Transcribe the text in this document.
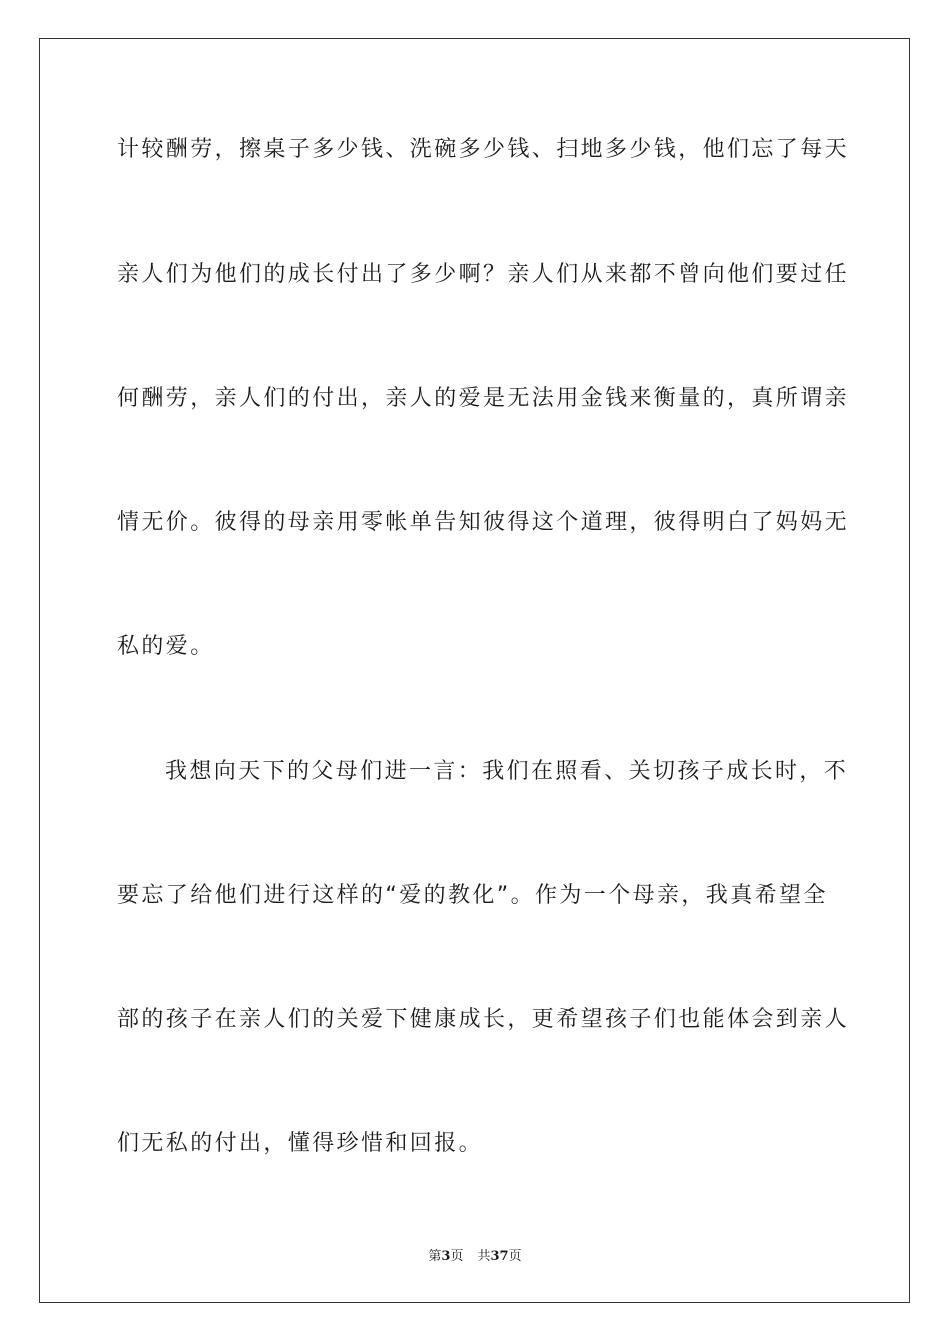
计较酬劳，擦桌子多少钱、洗碗多少钱、扫地多少钱，他们忘了每天
亲人们为他们的成长付出了多少啊？亲人们从来都不曾向他们要过任
何酬劳，亲人们的付出，亲人的爱是无法用金钱来衡量的，真所谓亲
情无价。彼得的母亲用零帐单告知彼得这个道理，彼得明白了妈妈无
私的爱。
我想向天下的父母们进一言：我们在照看、关切孩子成长时，不
要忘了给他们进行这样的“爱的教化”。作为一个母亲，我真希望全
部的孩子在亲人们的关爱下健康成长，更希望孩子们也能体会到亲人
们无私的付出，懂得珍惜和回报。
第3页 共37页
